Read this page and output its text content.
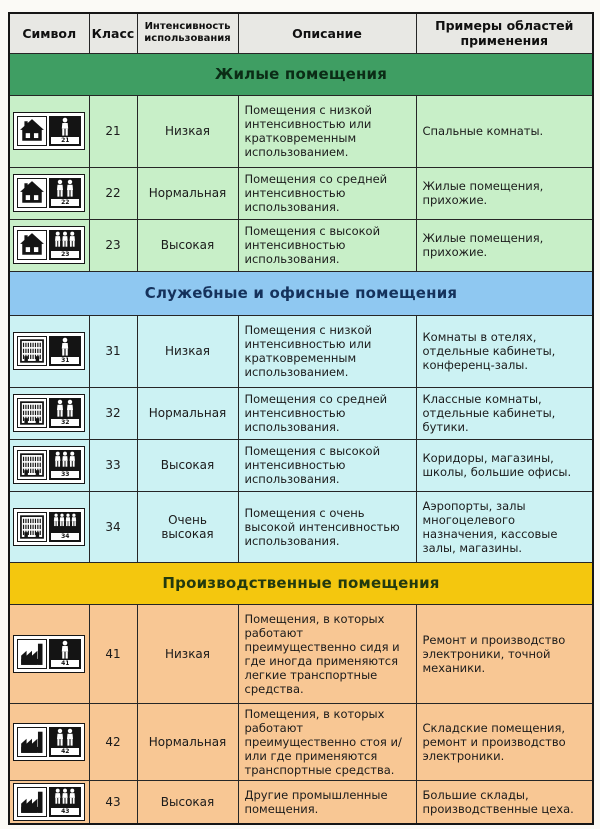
Символ	Класс	Интенсивность использования	Описание	Примеры областей применения
Жилые помещения				

21	21	Низкая	Помещения с низкой интенсивностью или кратковременным использованием.	Спальные комнаты.

22	22	Нормальная	Помещения со средней интенсивностью использования.	Жилые помещения, прихожие.

23	23	Высокая	Помещения с высокой интенсивностью использования.	Жилые помещения, прихожие.
Служебные и офисные помещения				

31	31	Низкая	Помещения с низкой интенсивностью или кратковременным использованием.	Комнаты в отелях, отдельные кабинеты, конференц-залы.

32	32	Нормальная	Помещения со средней интенсивностью использования.	Классные комнаты, отдельные кабинеты, бутики.

33	33	Высокая	Помещения с высокой интенсивностью использования.	Коридоры, магазины, школы, большие офисы.

34	34	Очень высокая	Помещения с очень высокой интенсивностью использования.	Аэропорты, залы многоцелевого назначения, кассовые залы, магазины.
Производственные помещения				

41	41	Низкая	Помещения, в которых работают преимущественно сидя и где иногда применяются легкие транспортные средства.	Ремонт и производство электроники, точной механики.

42	42	Нормальная	Помещения, в которых работают преимущественно стоя и/или где применяются транспортные средства.	Складские помещения, ремонт и производство электроники.

43	43	Высокая	Другие промышленные помещения.	Большие склады, производственные цеха.
